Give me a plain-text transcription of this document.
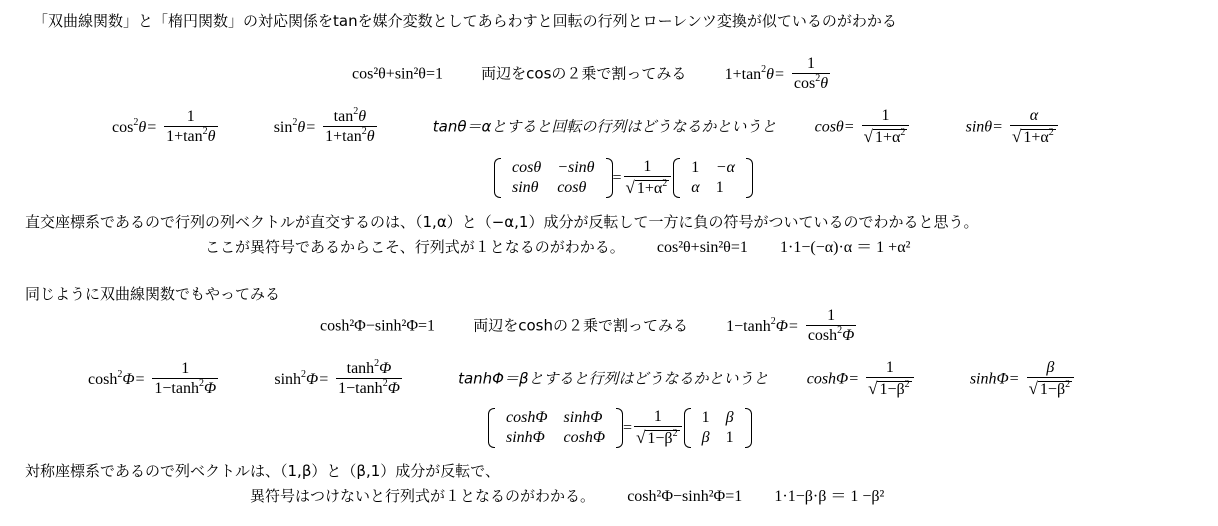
「双曲線関数」と「楕円関数」の対応関係をtanを媒介変数としてあらわすと回転の行列とローレンツ変換が似ているのがわかる
cos²θ+sin²θ=1	両辺をcosの２乗で割ってみる $1+\tan^2\theta= \frac{1}{\cos^2\theta}$
$\cos^2\theta= \frac{1}{1+\tan^2\theta}$	$\sin^2\theta= \frac{\tan^2\theta}{1+\tan^2\theta}$	tanθ＝αとすると回転の行列はどうなるかというと $\cos\theta= \frac{1}{√ 1+\alpha^2}$	$\sin\theta= \frac{\alpha}{√ 1+\alpha^2}$
cosθ	−sinθ
sinθ	cosθ
= $\frac{1}{√ 1+\alpha^2} 1$	−α
α	1
直交座標系であるので行列の列ベクトルが直交するのは、（1,α）と（−α,1）成分が反転して一方に負の符号がついているのでわかると思う。
ここが異符号であるからこそ、行列式が１となるのがわかる。 cos²θ+sin²θ=1 1·1−(−α)·α ＝ 1 +α²
同じように双曲線関数でもやってみる
cosh²Φ−sinh²Φ=1	両辺をcoshの２乗で割ってみる $1-\tanh^2\Phi= \frac{1}{\cosh^2\Phi}$
$\cosh^2\Phi= \frac{1}{1-\tanh^2\Phi}$	$\sinh^2\Phi= \frac{\tanh^2\Phi}{1-\tanh^2\Phi}$	tanhΦ＝βとすると行列はどうなるかというと $\cosh\Phi= \frac{1}{√ 1-\beta^2}$	$\sinh\Phi= \frac{\beta}{√ 1-\beta^2}$
coshΦ	sinhΦ
sinhΦ	coshΦ
= $\frac{1}{√ 1-\beta^2} 1$	β
β	1
対称座標系であるので列ベクトルは、（1,β）と（β,1）成分が反転で、
異符号はつけないと行列式が１となるのがわかる。 cosh²Φ−sinh²Φ=1 1·1−β·β ＝ 1 −β²
